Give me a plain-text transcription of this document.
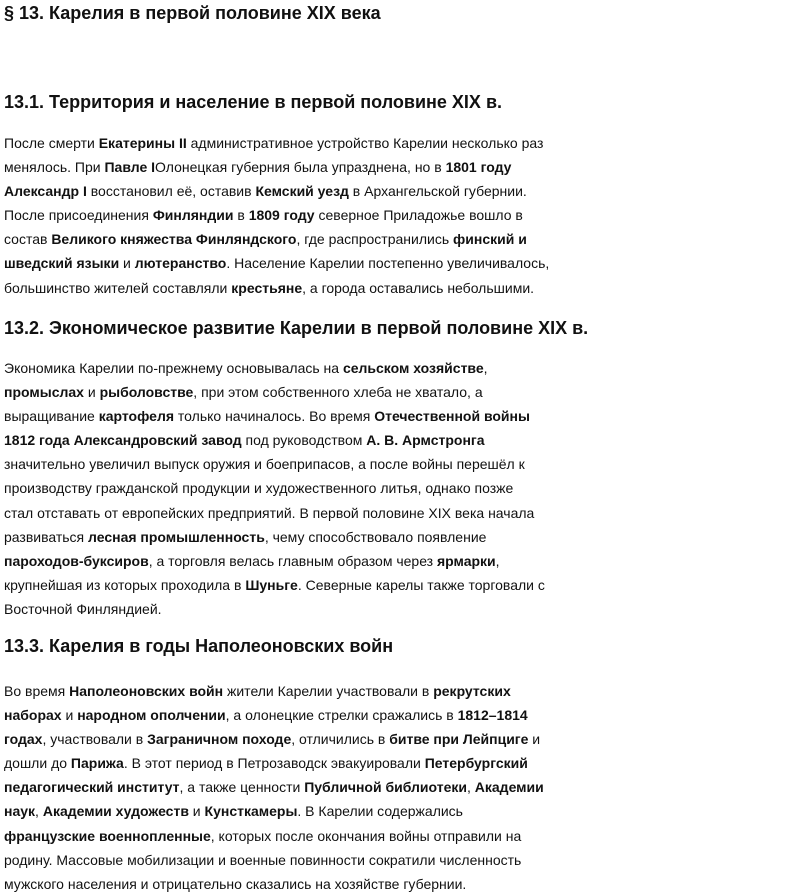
§ 13. Карелия в первой половине XIX века
13.1. Территория и население в первой половине XIX в.

После смерти Екатерины II административное устройство Карелии несколько раз
менялось. При Павле IОлонецкая губерния была упразднена, но в 1801 году
Александр I восстановил её, оставив Кемский уезд в Архангельской губернии.
После присоединения Финляндии в 1809 году северное Приладожье вошло в
состав Великого княжества Финляндского, где распространились финский и
шведский языки и лютеранство. Население Карелии постепенно увеличивалось,
большинство жителей составляли крестьяне, а города оставались небольшими.

13.2. Экономическое развитие Карелии в первой половине XIX в.

Экономика Карелии по-прежнему основывалась на сельском хозяйстве,
промыслах и рыболовстве, при этом собственного хлеба не хватало, а
выращивание картофеля только начиналось. Во время Отечественной войны
1812 года Александровский завод под руководством А. В. Армстронга
значительно увеличил выпуск оружия и боеприпасов, а после войны перешёл к
производству гражданской продукции и художественного литья, однако позже
стал отставать от европейских предприятий. В первой половине XIX века начала
развиваться лесная промышленность, чему способствовало появление
пароходов-буксиров, а торговля велась главным образом через ярмарки,
крупнейшая из которых проходила в Шуньге. Северные карелы также торговали с
Восточной Финляндией.

13.3. Карелия в годы Наполеоновских войн

Во время Наполеоновских войн жители Карелии участвовали в рекрутских
наборах и народном ополчении, а олонецкие стрелки сражались в 1812–1814
годах, участвовали в Заграничном походе, отличились в битве при Лейпциге и
дошли до Парижа. В этот период в Петрозаводск эвакуировали Петербургский
педагогический институт, а также ценности Публичной библиотеки, Академии
наук, Академии художеств и Кунсткамеры. В Карелии содержались
французские военнопленные, которых после окончания войны отправили на
родину. Массовые мобилизации и военные повинности сократили численность
мужского населения и отрицательно сказались на хозяйстве губернии.
